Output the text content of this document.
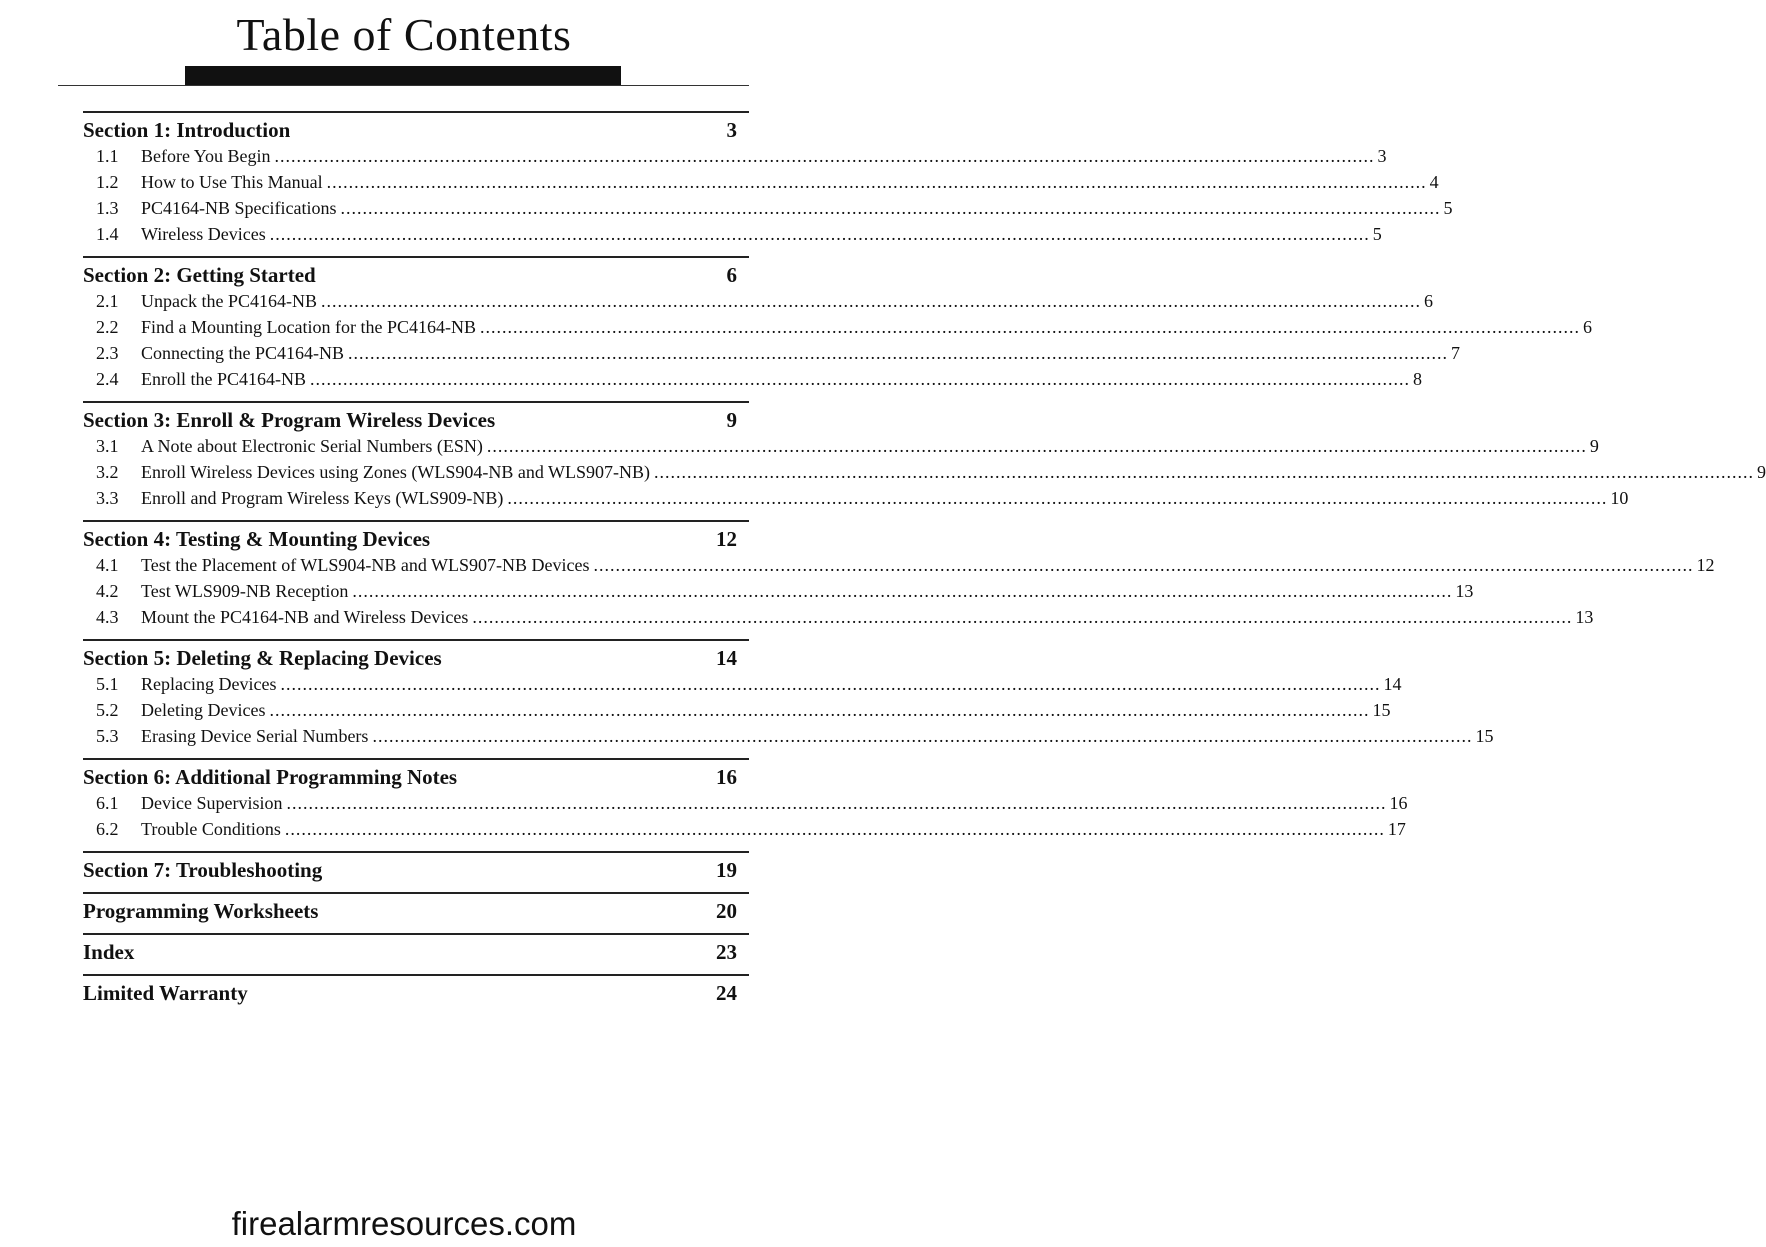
Table of Contents
Section 1: Introduction	3
1.1	Before You Begin ........................................................................................................................................................................................................ 3
1.2	How to Use This Manual ........................................................................................................................................................................................................ 4
1.3	PC4164-NB Specifications ........................................................................................................................................................................................................ 5
1.4	Wireless Devices ........................................................................................................................................................................................................ 5
Section 2: Getting Started	6
2.1	Unpack the PC4164-NB ........................................................................................................................................................................................................ 6
2.2	Find a Mounting Location for the PC4164-NB ........................................................................................................................................................................................................ 6
2.3	Connecting the PC4164-NB ........................................................................................................................................................................................................ 7
2.4	Enroll the PC4164-NB ........................................................................................................................................................................................................ 8
Section 3: Enroll & Program Wireless Devices	9
3.1	A Note about Electronic Serial Numbers (ESN) ........................................................................................................................................................................................................ 9
3.2	Enroll Wireless Devices using Zones (WLS904-NB and WLS907-NB) ........................................................................................................................................................................................................ 9
3.3	Enroll and Program Wireless Keys (WLS909-NB) ........................................................................................................................................................................................................ 10
Section 4: Testing & Mounting Devices	12
4.1	Test the Placement of WLS904-NB and WLS907-NB Devices ........................................................................................................................................................................................................ 12
4.2	Test WLS909-NB Reception ........................................................................................................................................................................................................ 13
4.3	Mount the PC4164-NB and Wireless Devices ........................................................................................................................................................................................................ 13
Section 5: Deleting & Replacing Devices	14
5.1	Replacing Devices ........................................................................................................................................................................................................ 14
5.2	Deleting Devices ........................................................................................................................................................................................................ 15
5.3	Erasing Device Serial Numbers ........................................................................................................................................................................................................ 15
Section 6: Additional Programming Notes	16
6.1	Device Supervision ........................................................................................................................................................................................................ 16
6.2	Trouble Conditions ........................................................................................................................................................................................................ 17
Section 7: Troubleshooting	19
Programming Worksheets	20
Index	23
Limited Warranty	24
firealarmresources.com
